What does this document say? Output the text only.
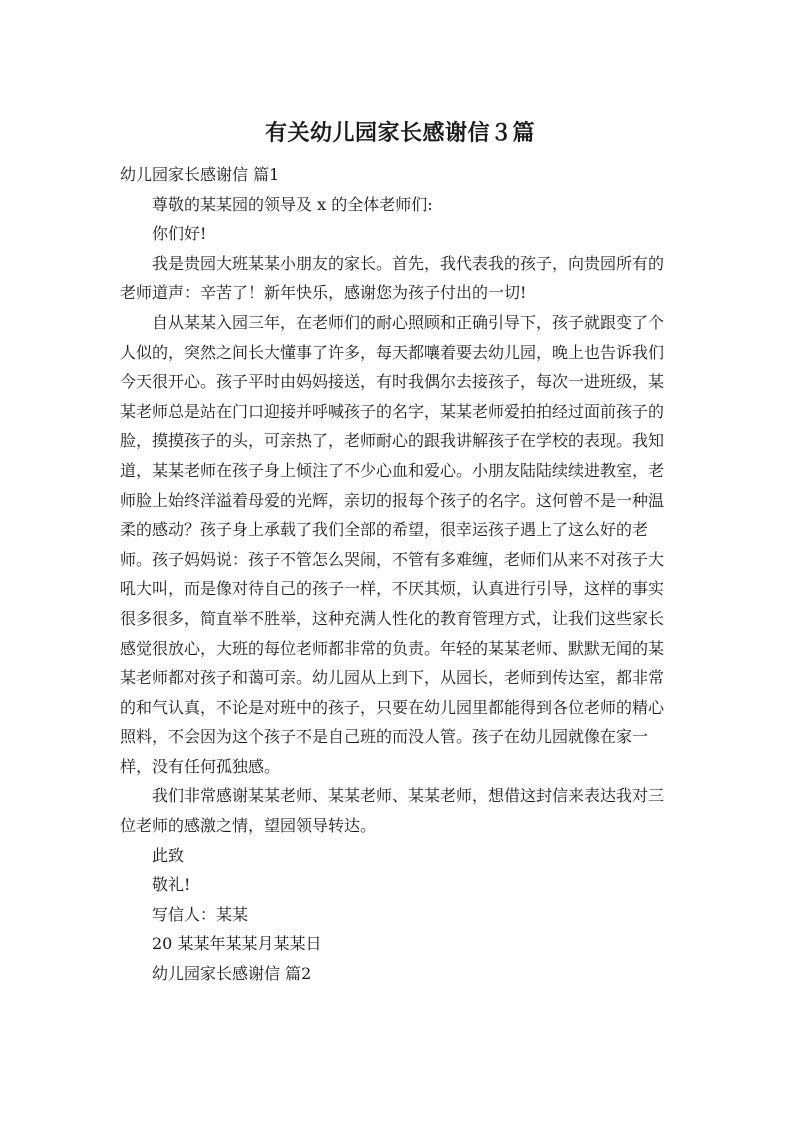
有关幼儿园家长感谢信３篇
幼儿园家长感谢信 篇1
尊敬的某某园的领导及 x 的全体老师们:
你们好!
我是贵园大班某某小朋友的家长。首先，我代表我的孩子，向贵园所有的
老师道声：辛苦了！新年快乐，感谢您为孩子付出的一切!
自从某某入园三年，在老师们的耐心照顾和正确引导下，孩子就跟变了个
人似的，突然之间长大懂事了许多，每天都嚷着要去幼儿园，晚上也告诉我们
今天很开心。孩子平时由妈妈接送，有时我偶尔去接孩子，每次一进班级，某
某老师总是站在门口迎接并呼喊孩子的名字，某某老师爱拍拍经过面前孩子的
脸，摸摸孩子的头，可亲热了，老师耐心的跟我讲解孩子在学校的表现。我知
道，某某老师在孩子身上倾注了不少心血和爱心。小朋友陆陆续续进教室，老
师脸上始终洋溢着母爱的光辉，亲切的报每个孩子的名字。这何曾不是一种温
柔的感动？孩子身上承载了我们全部的希望，很幸运孩子遇上了这么好的老
师。孩子妈妈说：孩子不管怎么哭闹，不管有多难缠，老师们从来不对孩子大
吼大叫，而是像对待自己的孩子一样，不厌其烦，认真进行引导，这样的事实
很多很多，简直举不胜举，这种充满人性化的教育管理方式，让我们这些家长
感觉很放心，大班的每位老师都非常的负责。年轻的某某老师、默默无闻的某
某老师都对孩子和蔼可亲。幼儿园从上到下，从园长，老师到传达室，都非常
的和气认真，不论是对班中的孩子，只要在幼儿园里都能得到各位老师的精心
照料，不会因为这个孩子不是自己班的而没人管。孩子在幼儿园就像在家一
样，没有任何孤独感。
我们非常感谢某某老师、某某老师、某某老师，想借这封信来表达我对三
位老师的感激之情，望园领导转达。
此致
敬礼!
写信人：某某
20 某某年某某月某某日
幼儿园家长感谢信 篇2
